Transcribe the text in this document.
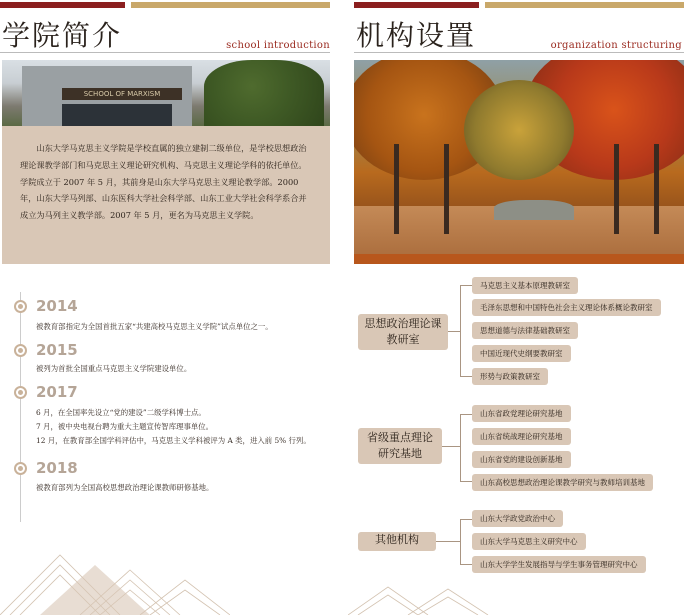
学院简介	school introduction
SCHOOL OF MARXISM
山东大学马克思主义学院是学校直属的独立建制二级单位，是学校思想政治理论课教学部门和马克思主义理论研究机构、马克思主义理论学科的依托单位。学院成立于 2007 年 5 月，其前身是山东大学马克思主义理论教学部。2000 年，山东大学马列部、山东医科大学社会科学部、山东工业大学社会科学系合并成立为马列主义教学部。2007 年 5 月，更名为马克思主义学院。
2014
被教育部指定为全国首批五家“共建高校马克思主义学院”试点单位之一。
2015
被列为首批全国重点马克思主义学院建设单位。
2017
6 月，在全国率先设立“党的建设”二级学科博士点。
7 月，被中央电视台聘为重大主题宣传智库理事单位。
12 月，在教育部全国学科评估中，马克思主义学科被评为 A 类，进入前 5% 行列。
2018
被教育部列为全国高校思想政治理论课教师研修基地。
机构设置	organization structuring
思想政治理论课
教研室
马克思主义基本原理教研室
毛泽东思想和中国特色社会主义理论体系概论教研室
思想道德与法律基础教研室
中国近现代史纲要教研室
形势与政策教研室
省级重点理论
研究基地
山东省政党理论研究基地
山东省统战理论研究基地
山东省党的建设创新基地
山东高校思想政治理论课教学研究与教师培训基地
其他机构
山东大学政党政治中心
山东大学马克思主义研究中心
山东大学学生发展指导与学生事务管理研究中心
